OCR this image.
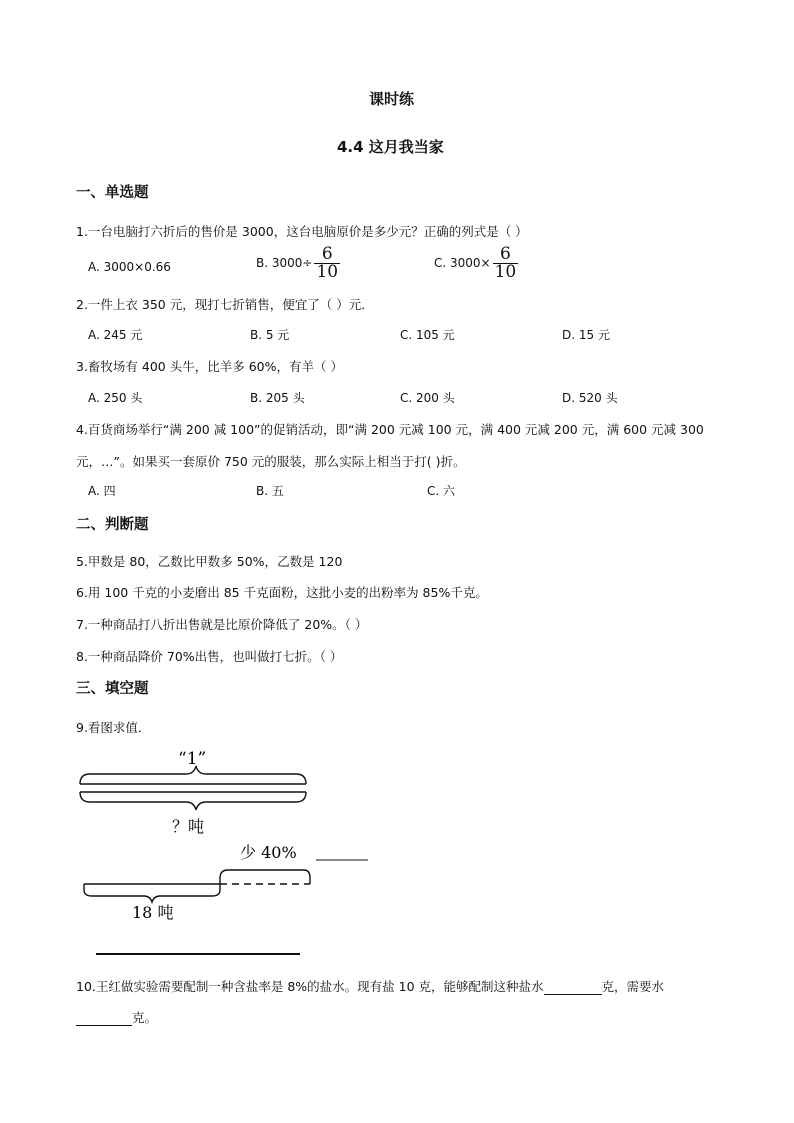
课时练
4.4 这月我当家
一、单选题
1.一台电脑打六折后的售价是 3000，这台电脑原价是多少元？正确的列式是（ ）
A. 3000×0.66	B. $3000\div \frac{6}{10}$	C. $3000\times \frac{6}{10}$
2.一件上衣 350 元，现打七折销售，便宜了（ ）元．
A. 245 元	B. 5 元	C. 105 元	D. 15 元
3.畜牧场有 400 头牛，比羊多 60%，有羊（ ）
A. 250 头	B. 205 头	C. 200 头	D. 520 头
4.百货商场举行“满 200 减 100”的促销活动，即“满 200 元减 100 元，满 400 元减 200 元，满 600 元减 300
元，…”。如果买一套原价 750 元的服装，那么实际上相当于打( )折。
A. 四	B. 五	C. 六
二、判断题
5.甲数是 80，乙数比甲数多 50%，乙数是 120
6.用 100 千克的小麦磨出 85 千克面粉，这批小麦的出粉率为 85%千克。
7.一种商品打八折出售就是比原价降低了 20%。（ ）
8.一种商品降价 70%出售，也叫做打七折。（ ）
三、填空题
9.看图求值．
“1”
？吨
少 40%
18 吨
10.王红做实验需要配制一种含盐率是 8%的盐水。现有盐 10 克，能够配制这种盐水	克，需要水
克。
